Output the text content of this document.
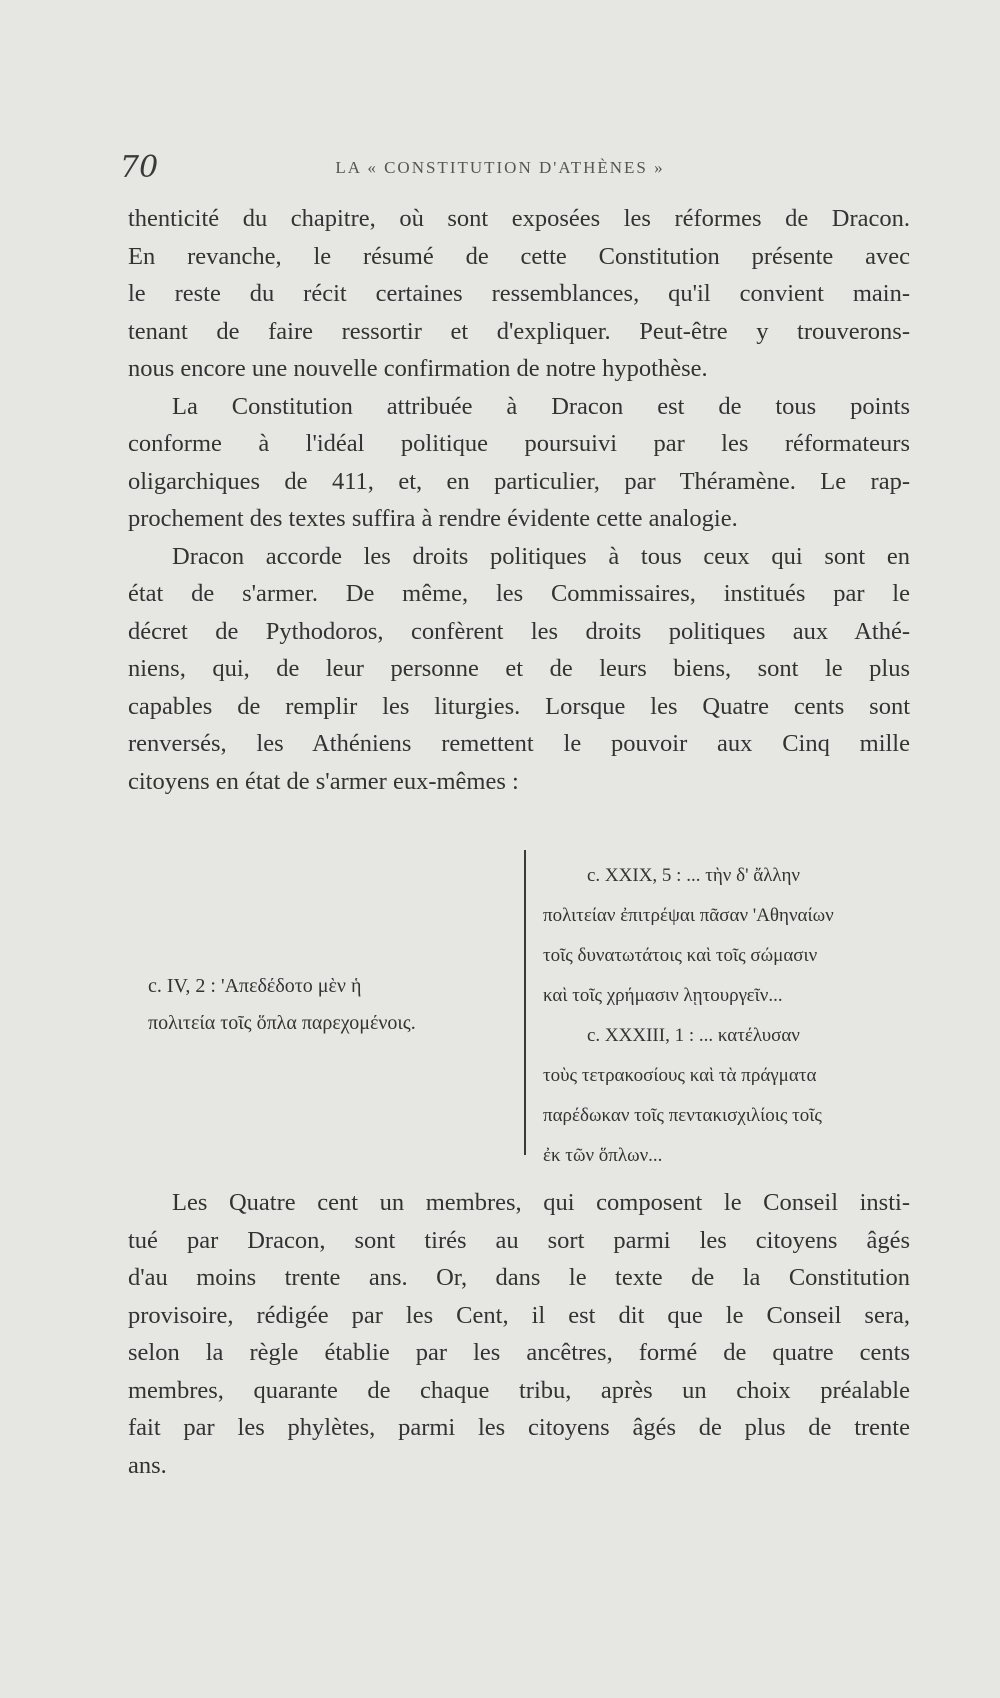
70	LA « CONSTITUTION D'ATHÈNES »
thenticité du chapitre, où sont exposées les réformes de Dracon.
En revanche, le résumé de cette Constitution présente avec
le reste du récit certaines ressemblances, qu'il convient main-
tenant de faire ressortir et d'expliquer. Peut-être y trouverons-
nous encore une nouvelle confirmation de notre hypothèse.
La Constitution attribuée à Dracon est de tous points
conforme à l'idéal politique poursuivi par les réformateurs
oligarchiques de 411, et, en particulier, par Théramène. Le rap-
prochement des textes suffira à rendre évidente cette analogie.
Dracon accorde les droits politiques à tous ceux qui sont en
état de s'armer. De même, les Commissaires, institués par le
décret de Pythodoros, confèrent les droits politiques aux Athé-
niens, qui, de leur personne et de leurs biens, sont le plus
capables de remplir les liturgies. Lorsque les Quatre cents sont
renversés, les Athéniens remettent le pouvoir aux Cinq mille
citoyens en état de s'armer eux-mêmes :
c. IV, 2 : 'Απεδέδοτο μὲν ἡ
πολιτεία τοῖς ὅπλα παρεχομένοις.
c. XXIX, 5 : ... τὴν δ' ἄλλην
πολιτείαν ἐπιτρέψαι πᾶσαν 'Αθηναίων
τοῖς δυνατωτάτοις καὶ τοῖς σώμασιν
καὶ τοῖς χρήμασιν λῃτουργεῖν...
c. XXXIII, 1 : ... κατέλυσαν
τοὺς τετρακοσίους καὶ τὰ πράγματα
παρέδωκαν τοῖς πεντακισχιλίοις τοῖς
ἐκ τῶν ὅπλων...
Les Quatre cent un membres, qui composent le Conseil insti-
tué par Dracon, sont tirés au sort parmi les citoyens âgés
d'au moins trente ans. Or, dans le texte de la Constitution
provisoire, rédigée par les Cent, il est dit que le Conseil sera,
selon la règle établie par les ancêtres, formé de quatre cents
membres, quarante de chaque tribu, après un choix préalable
fait par les phylètes, parmi les citoyens âgés de plus de trente
ans.
